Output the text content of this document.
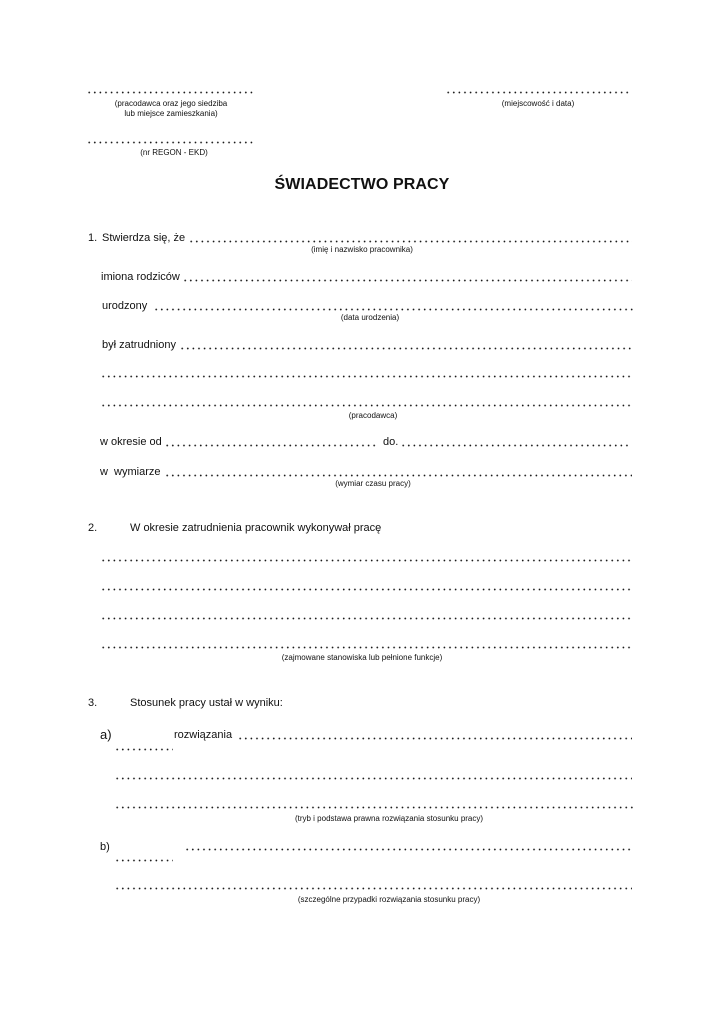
(pracodawca oraz jego siedziba
lub miejsce zamieszkania)
(miejscowość i data)
(nr REGON - EKD)
ŚWIADECTWO PRACY
1. Stwierdza się, że
(imię i nazwisko pracownika)
imiona rodziców
urodzony
(data urodzenia)
był zatrudniony
(pracodawca)
w okresie od	do.
w  wymiarze
(wymiar czasu pracy)
2.	W okresie zatrudnienia pracownik wykonywał pracę
(zajmowane stanowiska lub pełnione funkcje)
3.	Stosunek pracy ustał w wyniku:
a)	rozwiązania
(tryb i podstawa prawna rozwiązania stosunku pracy)
b)
(szczególne przypadki rozwiązania stosunku pracy)
